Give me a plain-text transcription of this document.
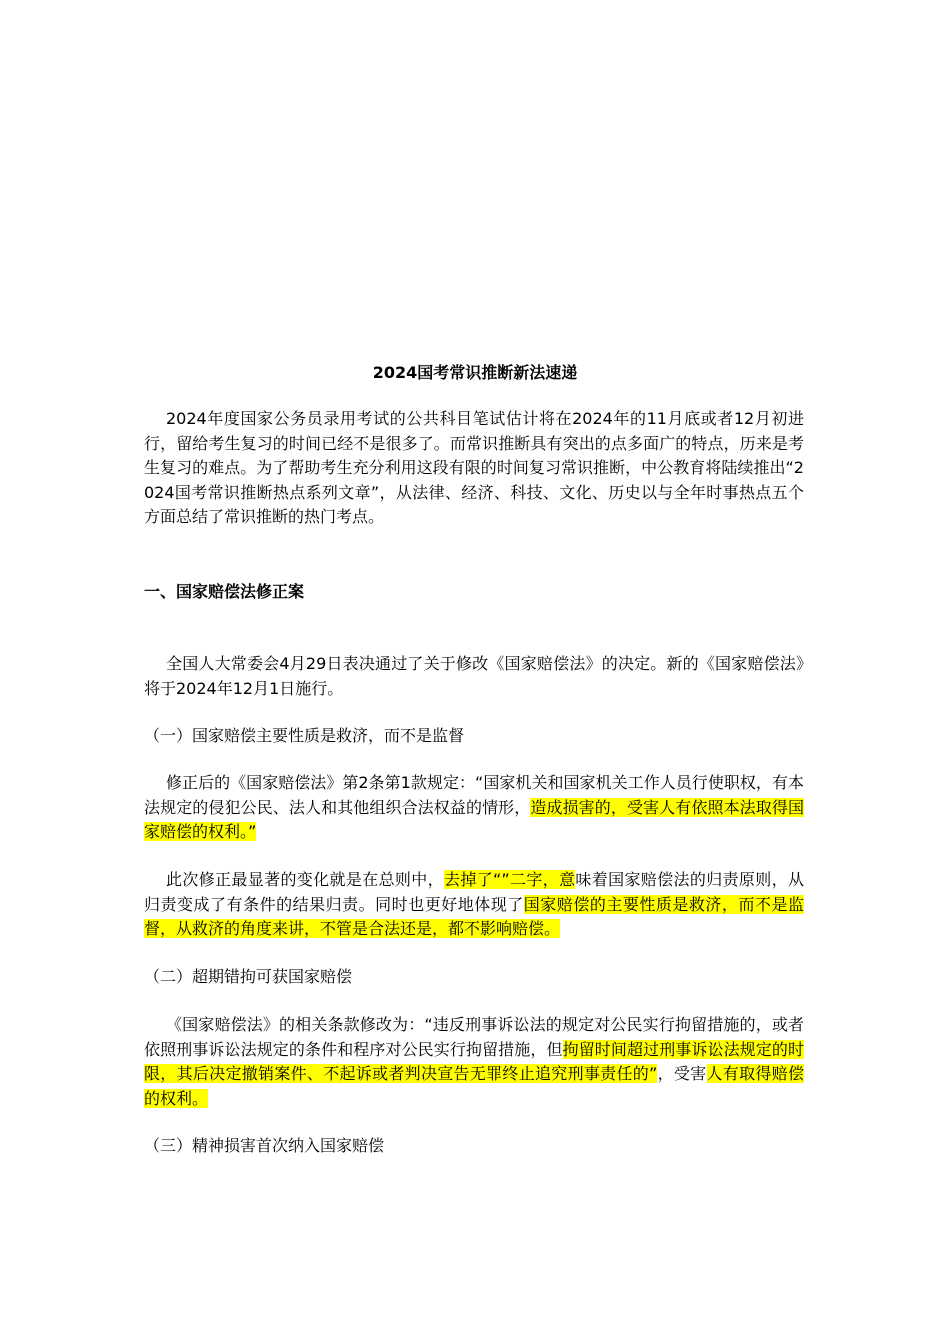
2024国考常识推断新法速递
2024年度国家公务员录用考试的公共科目笔试估计将在2024年的11月底或者12月初进行，留给考生复习的时间已经不是很多了。而常识推断具有突出的点多面广的特点，历来是考生复习的难点。为了帮助考生充分利用这段有限的时间复习常识推断，中公教育将陆续推出“2024国考常识推断热点系列文章”，从法律、经济、科技、文化、历史以与全年时事热点五个方面总结了常识推断的热门考点。
一、国家赔偿法修正案
全国人大常委会4月29日表决通过了关于修改《国家赔偿法》的决定。新的《国家赔偿法》将于2024年12月1日施行。
（一）国家赔偿主要性质是救济，而不是监督
修正后的《国家赔偿法》第2条第1款规定：“国家机关和国家机关工作人员行使职权，有本法规定的侵犯公民、法人和其他组织合法权益的情形，造成损害的，受害人有依照本法取得国家赔偿的权利。”
此次修正最显著的变化就是在总则中，去掉了“”二字，意味着国家赔偿法的归责原则，从归责变成了有条件的结果归责。同时也更好地体现了国家赔偿的主要性质是救济，而不是监督，从救济的角度来讲，不管是合法还是，都不影响赔偿。
（二）超期错拘可获国家赔偿
《国家赔偿法》的相关条款修改为：“违反刑事诉讼法的规定对公民实行拘留措施的，或者依照刑事诉讼法规定的条件和程序对公民实行拘留措施，但拘留时间超过刑事诉讼法规定的时限，其后决定撤销案件、不起诉或者判决宣告无罪终止追究刑事责任的”，受害人有取得赔偿的权利。
（三）精神损害首次纳入国家赔偿
